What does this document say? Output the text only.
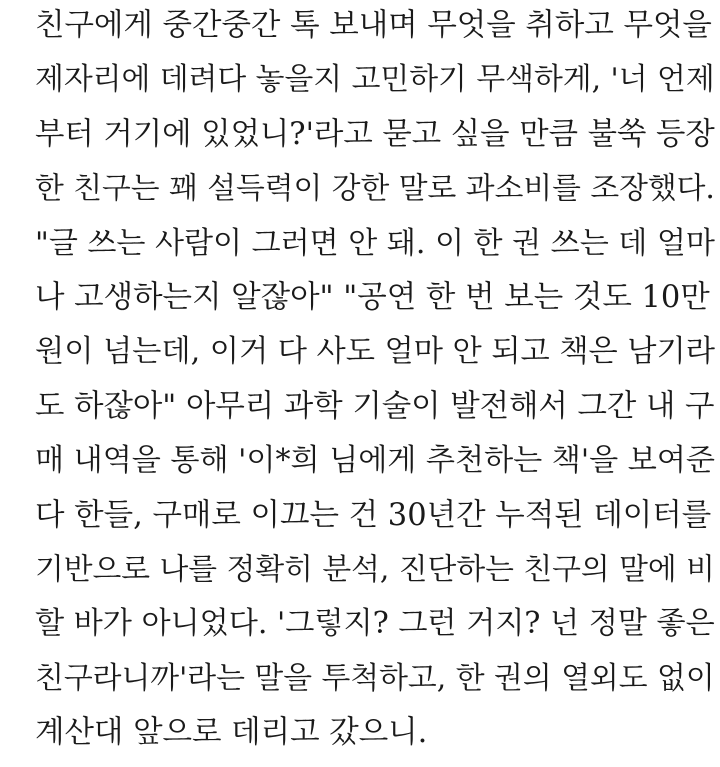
친구에게 중간중간 톡 보내며 무엇을 취하고 무엇을
제자리에 데려다 놓을지 고민하기 무색하게, '너 언제
부터 거기에 있었니?'라고 묻고 싶을 만큼 불쑥 등장
한 친구는 꽤 설득력이 강한 말로 과소비를 조장했다.
"글 쓰는 사람이 그러면 안 돼. 이 한 권 쓰는 데 얼마
나 고생하는지 알잖아" "공연 한 번 보는 것도 10만
원이 넘는데, 이거 다 사도 얼마 안 되고 책은 남기라
도 하잖아" 아무리 과학 기술이 발전해서 그간 내 구
매 내역을 통해 '이*희 님에게 추천하는 책'을 보여준
다 한들, 구매로 이끄는 건 30년간 누적된 데이터를
기반으로 나를 정확히 분석, 진단하는 친구의 말에 비
할 바가 아니었다. '그렇지? 그런 거지? 넌 정말 좋은
친구라니까'라는 말을 투척하고, 한 권의 열외도 없이
계산대 앞으로 데리고 갔으니.
